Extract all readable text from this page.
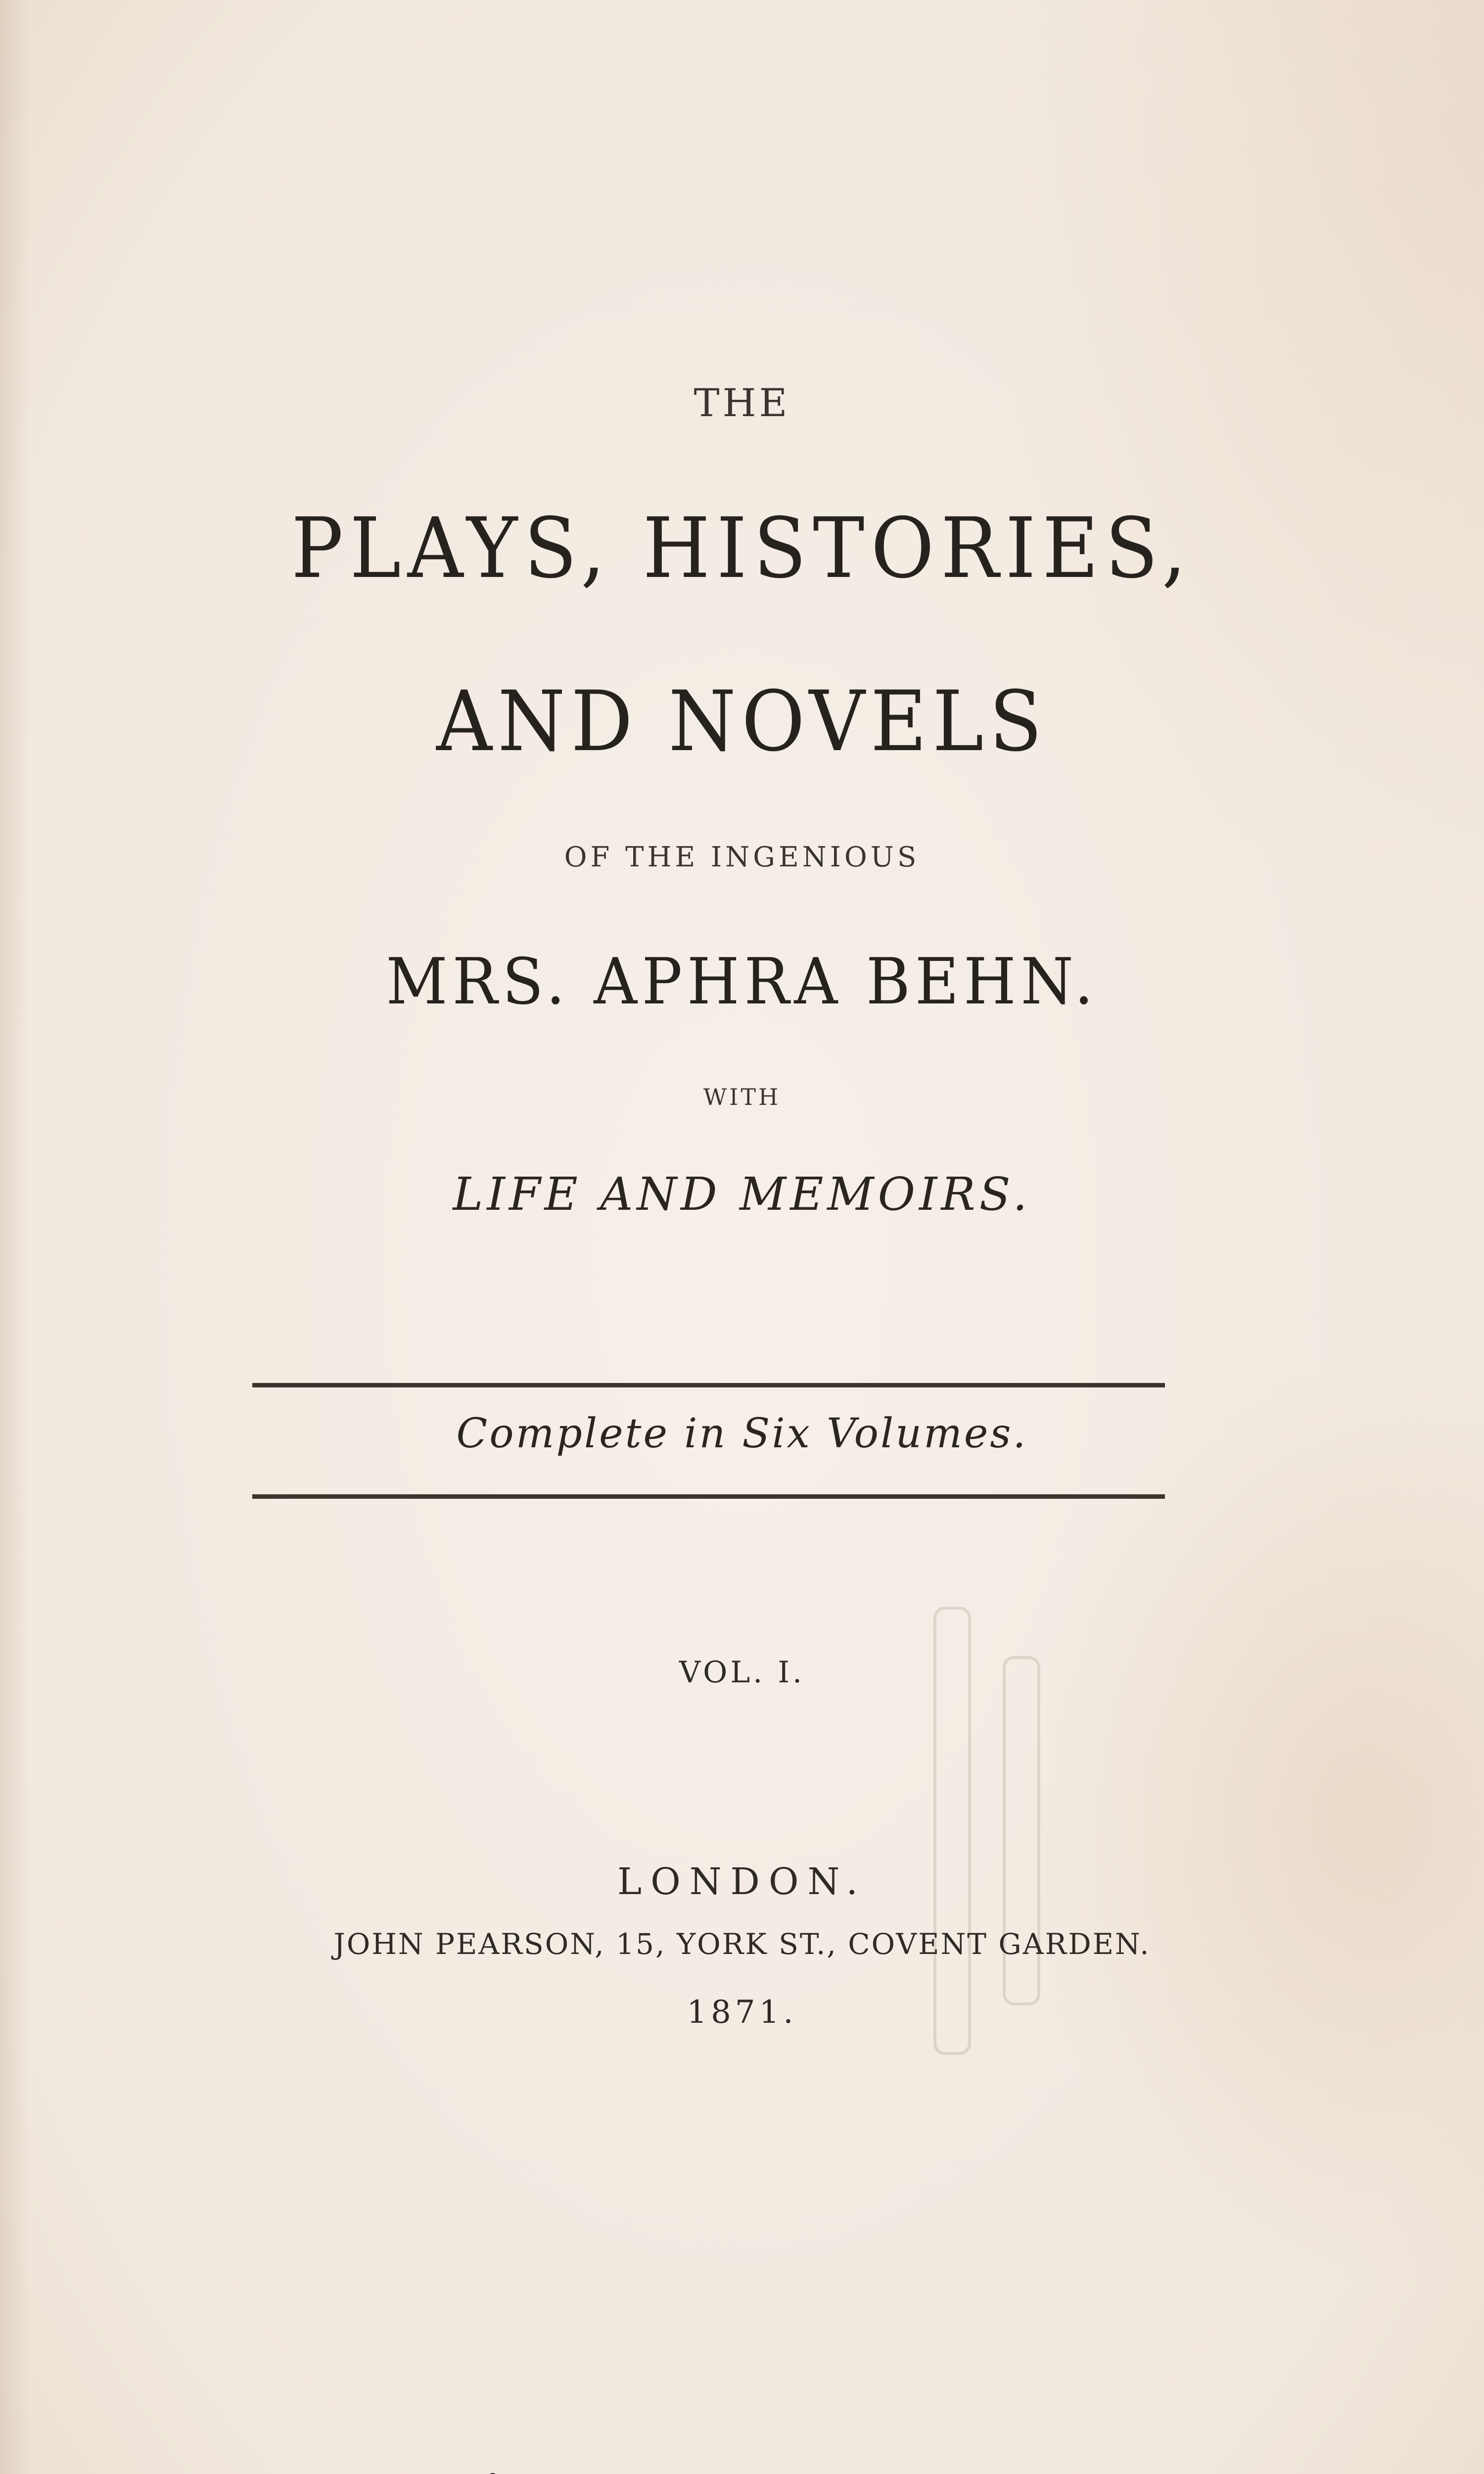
THE

PLAYS, HISTORIES,

AND NOVELS

OF THE INGENIOUS

MRS. APHRA BEHN.

WITH

LIFE AND MEMOIRS.

Complete in Six Volumes.

VOL. I.

LONDON.

JOHN PEARSON, 15, YORK ST., COVENT GARDEN.

1871.
